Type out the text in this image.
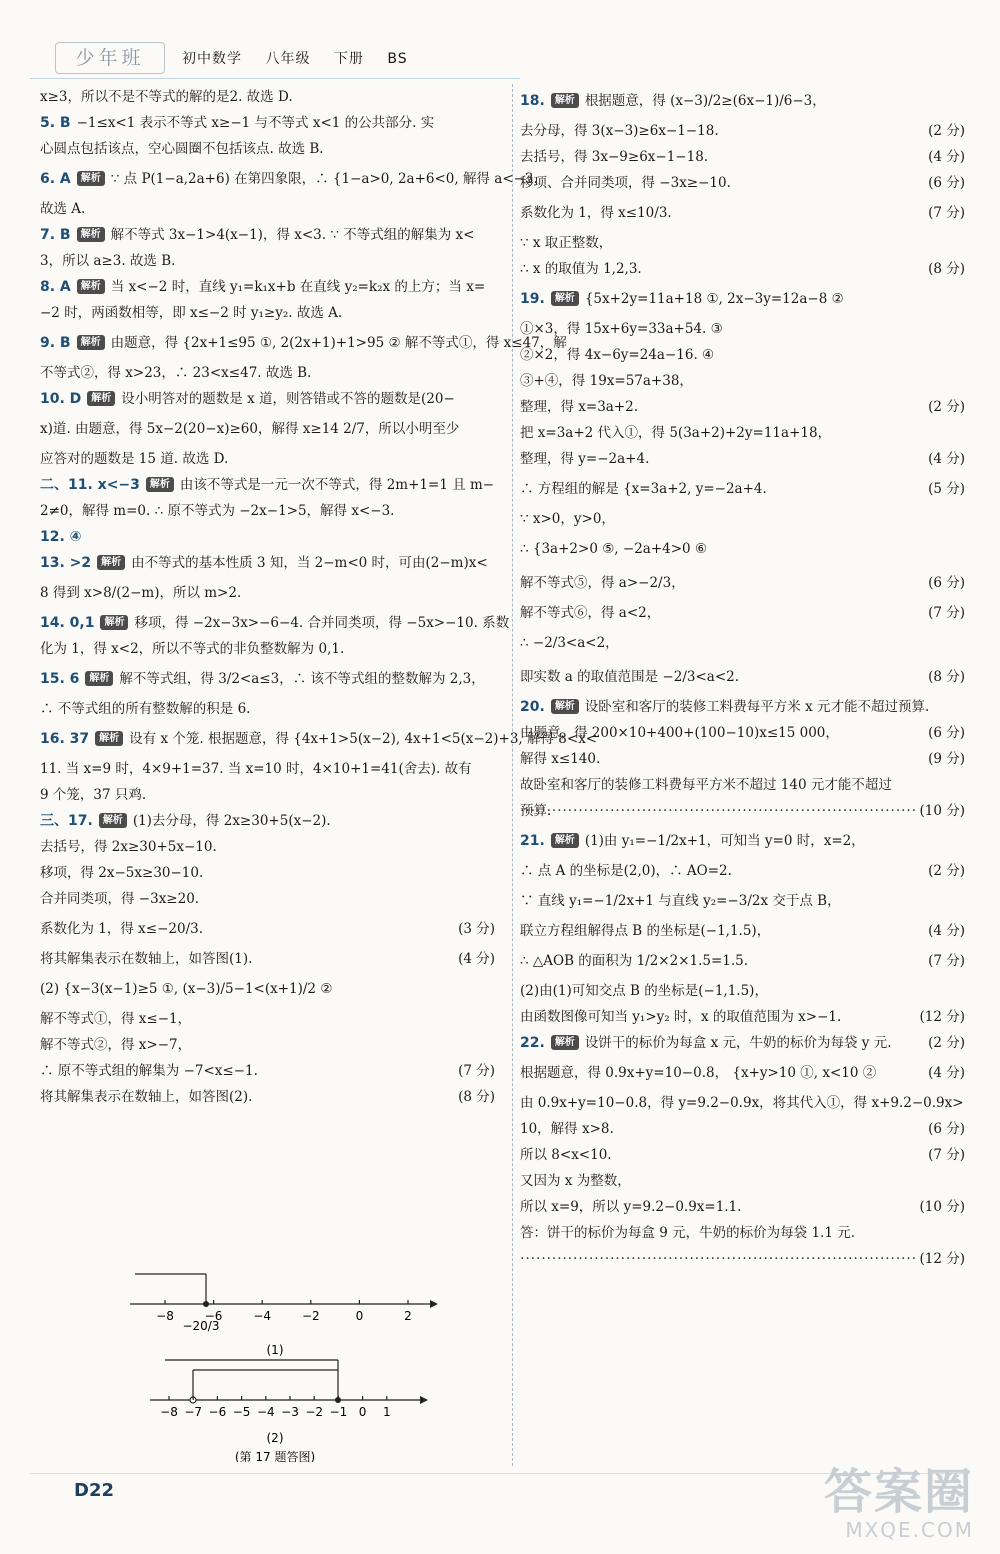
少年班	初中数学 八年级 下册 BS
x≥3，所以不是不等式的解的是2. 故选 D.
5. B −1≤x<1 表示不等式 x≥−1 与不等式 x<1 的公共部分. 实
心圆点包括该点，空心圆圈不包括该点. 故选 B.
6. A 解析 ∵ 点 P(1−a,2a+6) 在第四象限，∴ {1−a>0, 2a+6<0, 解得 a<−3.
故选 A.
7. B 解析 解不等式 3x−1>4(x−1)，得 x<3. ∵ 不等式组的解集为 x<
3，所以 a≥3. 故选 B.
8. A 解析 当 x<−2 时，直线 y₁=k₁x+b 在直线 y₂=k₂x 的上方；当 x=
−2 时，两函数相等，即 x≤−2 时 y₁≥y₂. 故选 A.
9. B 解析 由题意，得 {2x+1≤95 ①, 2(2x+1)+1>95 ② 解不等式①，得 x≤47，解
不等式②，得 x>23，∴ 23<x≤47. 故选 B.
10. D 解析 设小明答对的题数是 x 道，则答错或不答的题数是(20−
x)道. 由题意，得 5x−2(20−x)≥60，解得 x≥14 2/7，所以小明至少
应答对的题数是 15 道. 故选 D.
二、11. x<−3 解析 由该不等式是一元一次不等式，得 2m+1=1 且 m−
2≠0，解得 m=0. ∴ 原不等式为 −2x−1>5，解得 x<−3.
12. ④
13. >2 解析 由不等式的基本性质 3 知，当 2−m<0 时，可由(2−m)x<
8 得到 x>8/(2−m)，所以 m>2.
14. 0,1 解析 移项，得 −2x−3x>−6−4. 合并同类项，得 −5x>−10. 系数
化为 1，得 x<2，所以不等式的非负整数解为 0,1.
15. 6 解析 解不等式组，得 3/2<a≤3，∴ 该不等式组的整数解为 2,3，
∴ 不等式组的所有整数解的积是 6.
16. 37 解析 设有 x 个笼. 根据题意，得 {4x+1>5(x−2), 4x+1<5(x−2)+3, 解得 8<x<
11. 当 x=9 时，4×9+1=37. 当 x=10 时，4×10+1=41(舍去). 故有
9 个笼，37 只鸡.
三、17. 解析 (1)去分母，得 2x≥30+5(x−2).
去括号，得 2x≥30+5x−10.
移项，得 2x−5x≥30−10.
合并同类项，得 −3x≥20.
系数化为 1，得 x≤−20/3.	(3 分)
将其解集表示在数轴上，如答图(1).	(4 分)
(2) {x−3(x−1)≥5 ①, (x−3)/5−1<(x+1)/2 ②
解不等式①，得 x≤−1，
解不等式②，得 x>−7，
∴ 原不等式组的解集为 −7<x≤−1.	(7 分)
将其解集表示在数轴上，如答图(2).	(8 分)
18. 解析 根据题意，得 (x−3)/2≥(6x−1)/6−3，
去分母，得 3(x−3)≥6x−1−18.	(2 分)
去括号，得 3x−9≥6x−1−18.	(4 分)
移项、合并同类项，得 −3x≥−10.	(6 分)
系数化为 1，得 x≤10/3.	(7 分)
∵ x 取正整数，
∴ x 的取值为 1,2,3.	(8 分)
19. 解析 {5x+2y=11a+18 ①, 2x−3y=12a−8 ②
①×3，得 15x+6y=33a+54. ③
②×2，得 4x−6y=24a−16. ④
③+④，得 19x=57a+38，
整理，得 x=3a+2.	(2 分)
把 x=3a+2 代入①，得 5(3a+2)+2y=11a+18，
整理，得 y=−2a+4.	(4 分)
∴ 方程组的解是 {x=3a+2, y=−2a+4.	(5 分)
∵ x>0，y>0，
∴ {3a+2>0 ⑤, −2a+4>0 ⑥
解不等式⑤，得 a>−2/3，	(6 分)
解不等式⑥，得 a<2，	(7 分)
∴ −2/3<a<2，
即实数 a 的取值范围是 −2/3<a<2.	(8 分)
20. 解析 设卧室和客厅的装修工料费每平方米 x 元才能不超过预算.
由题意，得 200×10+400+(100−10)x≤15 000，	(6 分)
解得 x≤140.	(9 分)
故卧室和客厅的装修工料费每平方米不超过 140 元才能不超过
预算.
·····	(10 分)
21. 解析 (1)由 y₁=−1/2x+1，可知当 y=0 时，x=2，
∴ 点 A 的坐标是(2,0)，∴ AO=2.	(2 分)
∵ 直线 y₁=−1/2x+1 与直线 y₂=−3/2x 交于点 B，
联立方程组解得点 B 的坐标是(−1,1.5)，	(4 分)
∴ △AOB 的面积为 1/2×2×1.5=1.5.	(7 分)
(2)由(1)可知交点 B 的坐标是(−1,1.5)，
由函数图像可知当 y₁>y₂ 时，x 的取值范围为 x>−1.	(12 分)
22. 解析 设饼干的标价为每盒 x 元，牛奶的标价为每袋 y 元.	(2 分)
根据题意，得 0.9x+y=10−0.8， {x+y>10 ①, x<10 ②	(4 分)
由 0.9x+y=10−0.8，得 y=9.2−0.9x，将其代入①，得 x+9.2−0.9x>
10，解得 x>8.	(6 分)
所以 8<x<10.	(7 分)
又因为 x 为整数，
所以 x=9，所以 y=9.2−0.9x=1.1.	(10 分)
答：饼干的标价为每盒 9 元，牛奶的标价为每袋 1.1 元.
····· (12 分)
−8	−6	−4	−2	0	2
−20/3
(1)
−8 −7 −6 −5 −4 −3 −2 −1 0 1
(2)
(第 17 题答图)
D22	答案圈
MXQE.COM
